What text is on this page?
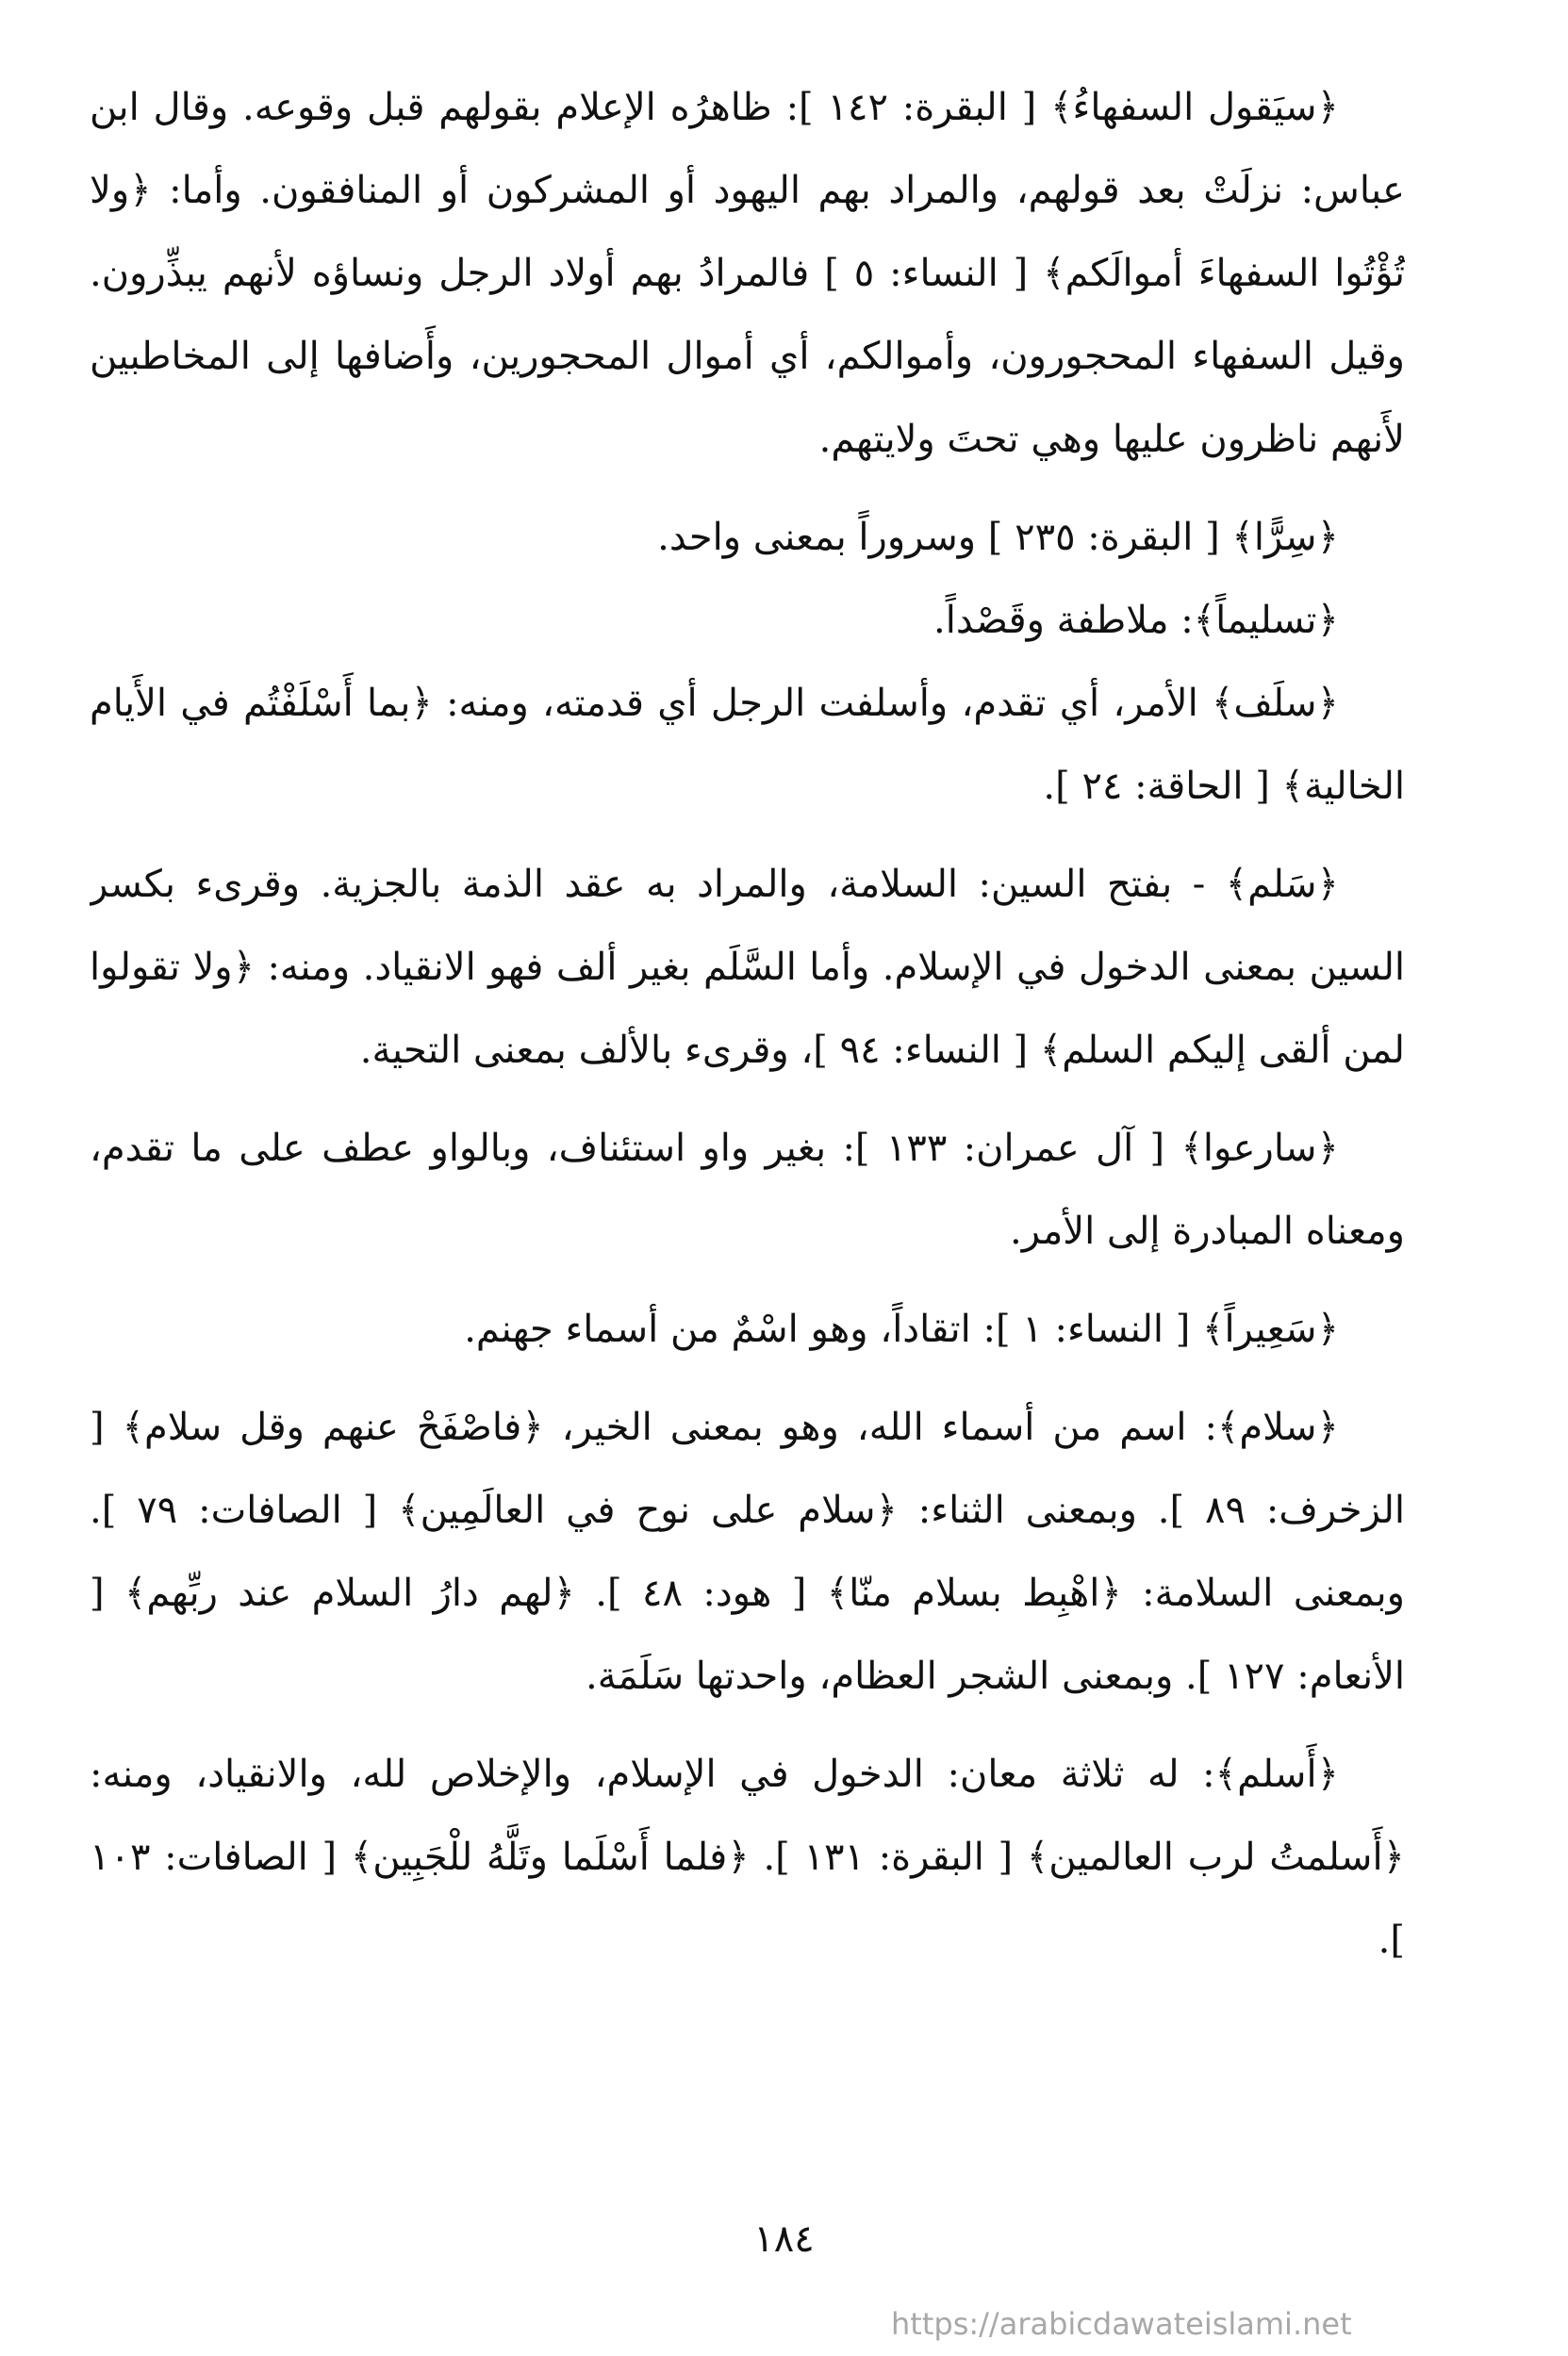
﴿سيَقول السفهاءُ﴾ [ البقرة: ١٤٢ ]: ظاهرُه الإعلام بقولهم قبل وقوعه. وقال ابن عباس: نزلَتْ بعد قولهم، والمراد بهم اليهود أو المشركون أو المنافقون. وأما: ﴿ولا تُؤْتُوا السفهاءَ أموالَكم﴾ [ النساء: ٥ ] فالمرادُ بهم أولاد الرجل ونساؤه لأنهم يبذِّرون. وقيل السفهاء المحجورون، وأموالكم، أي أموال المحجورين، وأَضافها إلى المخاطبين لأَنهم ناظرون عليها وهي تحتَ ولايتهم.

﴿سِرًّا﴾ [ البقرة: ٢٣٥ ] وسروراً بمعنى واحد.

﴿تسليماً﴾: ملاطفة وقَصْداً.

﴿سلَف﴾ الأمر، أي تقدم، وأسلفت الرجل أي قدمته، ومنه: ﴿بما أَسْلَفْتُم في الأَيام الخالية﴾ [ الحاقة: ٢٤ ].

﴿سَلم﴾ - بفتح السين: السلامة، والمراد به عقد الذمة بالجزية. وقرىء بكسر السين بمعنى الدخول في الإسلام. وأما السَّلَم بغير ألف فهو الانقياد. ومنه: ﴿ولا تقولوا لمن ألقى إليكم السلم﴾ [ النساء: ٩٤ ]، وقرىء بالألف بمعنى التحية.

﴿سارعوا﴾ [ آل عمران: ١٣٣ ]: بغير واو استئناف، وبالواو عطف على ما تقدم، ومعناه المبادرة إلى الأمر.

﴿سَعِيراً﴾ [ النساء: ١ ]: اتقاداً، وهو اسْمٌ من أسماء جهنم.

﴿سلام﴾: اسم من أسماء الله، وهو بمعنى الخير، ﴿فاصْفَحْ عنهم وقل سلام﴾ [ الزخرف: ٨٩ ]. وبمعنى الثناء: ﴿سلام على نوح في العالَمِين﴾ [ الصافات: ٧٩ ]. وبمعنى السلامة: ﴿اهْبِط بسلام منّا﴾ [ هود: ٤٨ ]. ﴿لهم دارُ السلام عند ربِّهم﴾ [ الأنعام: ١٢٧ ]. وبمعنى الشجر العظام، واحدتها سَلَمَة.

﴿أَسلم﴾: له ثلاثة معان: الدخول في الإسلام، والإخلاص لله، والانقياد، ومنه: ﴿أَسلمتُ لرب العالمين﴾ [ البقرة: ١٣١ ]. ﴿فلما أَسْلَما وتَلَّهُ للْجَبِين﴾ [ الصافات: ١٠٣ ].

١٨٤
https://arabicdawateislami.net
